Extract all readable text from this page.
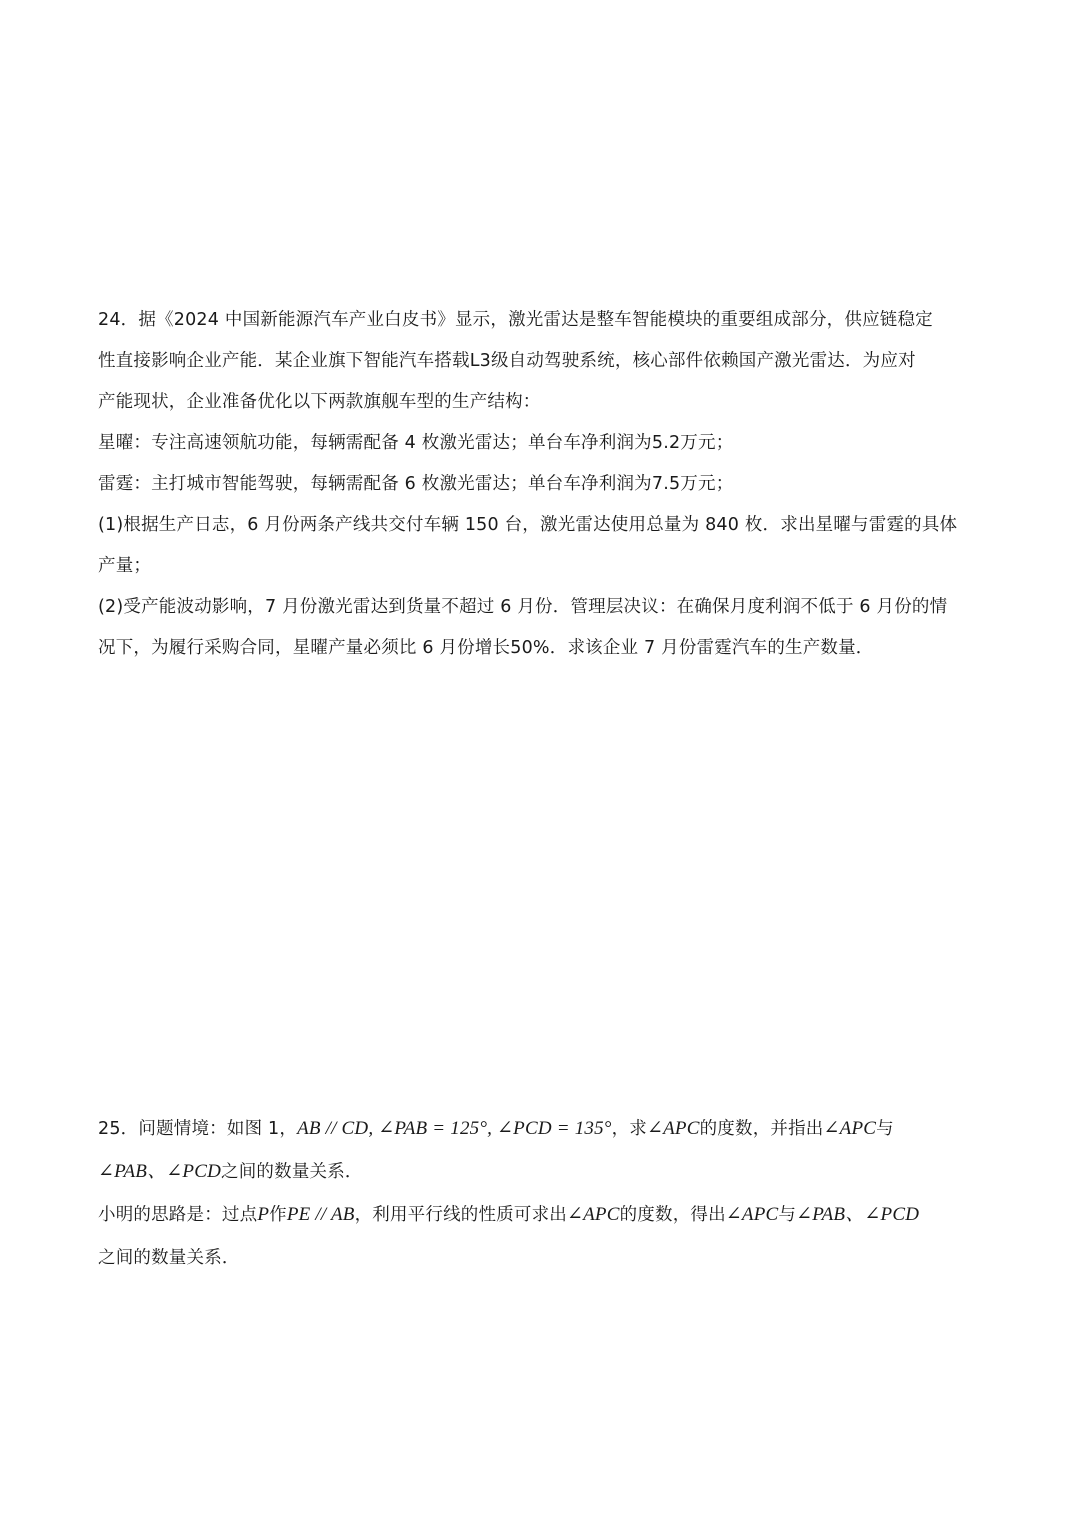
24．据《2024 中国新能源汽车产业白皮书》显示，激光雷达是整车智能模块的重要组成部分，供应链稳定

性直接影响企业产能．某企业旗下智能汽车搭载L3级自动驾驶系统，核心部件依赖国产激光雷达．为应对

产能现状，企业准备优化以下两款旗舰车型的生产结构：

星曜：专注高速领航功能，每辆需配备 4 枚激光雷达；单台车净利润为5.2万元；

雷霆：主打城市智能驾驶，每辆需配备 6 枚激光雷达；单台车净利润为7.5万元；

(1)根据生产日志，6 月份两条产线共交付车辆 150 台，激光雷达使用总量为 840 枚．求出星曜与雷霆的具体

产量；

(2)受产能波动影响，7 月份激光雷达到货量不超过 6 月份．管理层决议：在确保月度利润不低于 6 月份的情

况下，为履行采购合同，星曜产量必须比 6 月份增长50%．求该企业 7 月份雷霆汽车的生产数量．

25．问题情境：如图 1，AB // CD, ∠PAB = 125°, ∠PCD = 135°，求∠APC的度数，并指出∠APC与

∠PAB、∠PCD之间的数量关系．

小明的思路是：过点P作PE // AB，利用平行线的性质可求出∠APC的度数，得出∠APC与∠PAB、∠PCD

之间的数量关系．
